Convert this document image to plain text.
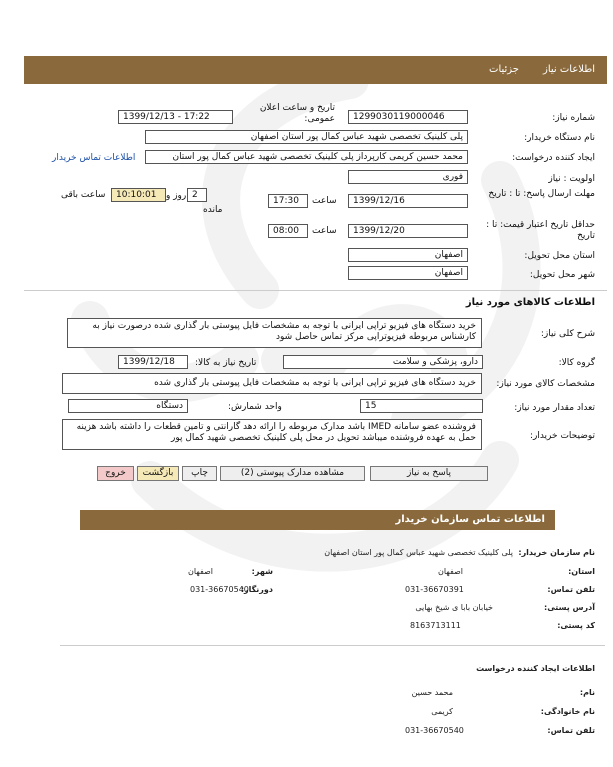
اطلاعات نیاز
جزئیات
شماره نیاز:
1299030119000046
تاریخ و ساعت اعلان عمومی:
1399/12/13 - 17:22
نام دستگاه خریدار:
پلی کلینیک تخصصی شهید عباس کمال پور استان اصفهان
ایجاد کننده درخواست:
محمد حسین کریمی کارپرداز پلی کلینیک تخصصی شهید عباس کمال پور استان
اطلاعات تماس خریدار
اولویت : نیاز
فوری
مهلت ارسال پاسخ: تا : تاریخ
1399/12/16
ساعت
17:30
2
روز و
10:10:01
ساعت باقی
مانده
حداقل تاریخ اعتبار قیمت: تا : تاریخ
1399/12/20
ساعت
08:00
استان محل تحویل:
اصفهان
شهر محل تحویل:
اصفهان
اطلاعات کالاهای مورد نیاز
شرح کلی نیاز:
خرید دستگاه های فیزیو تراپی ایرانی با توجه به مشخصات فایل پیوستی بار گذاری شده درصورت نیاز به کارشناس مربوطه فیزیوتراپی مرکز تماس حاصل شود
گروه کالا:
دارو، پزشکی و سلامت
تاریخ نیاز به کالا:
1399/12/18
مشخصات کالای مورد نیاز:
خرید دستگاه های فیزیو تراپی ایرانی با توجه به مشخصات فایل پیوستی بار گذاری شده
تعداد مقدار مورد نیاز:
15
واحد شمارش:
دستگاه
توضیحات خریدار:
فروشنده عضو سامانه IMED باشد مدارک مربوطه را ارائه دهد گارانتی و تامین قطعات را داشته باشد هزینه حمل به عهده فروشنده میباشد تحویل در محل پلی کلینیک تخصصی شهید کمال پور
پاسخ به نیاز
مشاهده مدارک پیوستی (2)
چاپ
بازگشت
خروج
اطلاعات تماس سازمان خریدار
نام سازمان خریدار:
پلی کلینیک تخصصی شهید عباس کمال پور استان اصفهان
استان:
اصفهان
شهر:
اصفهان
تلفن تماس:
031-36670391
دورنگار:
031-36670540
آدرس پستی:
خیابان بابا ی شیخ بهایی
کد پستی:
8163713111
اطلاعات ایجاد کننده درخواست
نام:
محمد حسین
نام خانوادگی:
کریمی
تلفن تماس:
031-36670540
